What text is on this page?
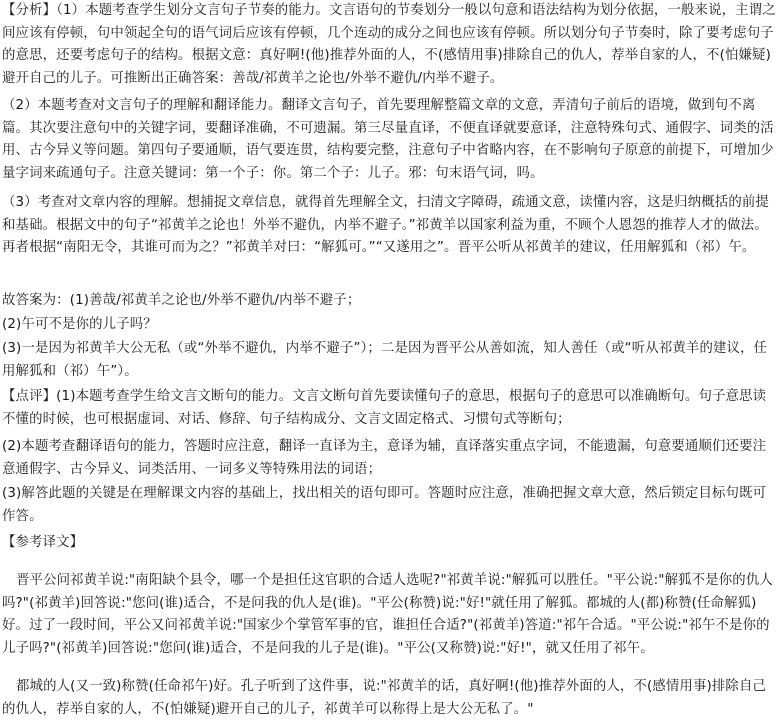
【分析】（1）本题考查学生划分文言句子节奏的能力。文言语句的节奏划分一般以句意和语法结构为划分依据，一般来说，主谓之间应该有停顿，句中领起全句的语气词后应该有停顿，几个连动的成分之间也应该有停顿。所以划分句子节奏时，除了要考虑句子的意思，还要考虑句子的结构。根据文意：真好啊!(他)推荐外面的人，不(感情用事)排除自己的仇人，荐举自家的人，不(怕嫌疑)避开自己的儿子。可推断出正确答案：善哉/祁黄羊之论也/外举不避仇/内举不避子。

（2）本题考查对文言句子的理解和翻译能力。翻译文言句子，首先要理解整篇文章的文意，弄清句子前后的语境，做到句不离篇。其次要注意句中的关键字词，要翻译准确，不可遗漏。第三尽量直译，不便直译就要意译，注意特殊句式、通假字、词类的活用、古今异义等问题。第四句子要通顺，语气要连贯，结构要完整，注意句子中省略内容，在不影响句子原意的前提下，可增加少量字词来疏通句子。注意关键词：第一个子：你。第二个子：儿子。邪：句末语气词，吗。

（3）考查对文章内容的理解。想捕捉文章信息，就得首先理解全文，扫清文字障碍，疏通文意，读懂内容，这是归纳概括的前提和基础。根据文中的句子“祁黄羊之论也！外举不避仇，内举不避子。”祁黄羊以国家利益为重，不顾个人恩怨的推荐人才的做法。再者根据“南阳无令，其谁可而为之？”祁黄羊对曰：“解狐可。”“又遂用之”。晋平公听从祁黄羊的建议，任用解狐和（祁）午。

故答案为：(1)善哉/祁黄羊之论也/外举不避仇/内举不避子；

(2)午可不是你的儿子吗？

(3)一是因为祁黄羊大公无私（或“外举不避仇，内举不避子”）；二是因为晋平公从善如流，知人善任（或“听从祁黄羊的建议，任用解狐和（祁）午”）。

【点评】(1)本题考查学生给文言文断句的能力。文言文断句首先要读懂句子的意思，根据句子的意思可以准确断句。句子意思读不懂的时候，也可根据虚词、对话、修辞、句子结构成分、文言文固定格式、习惯句式等断句；

(2)本题考查翻译语句的能力，答题时应注意，翻译一直译为主，意译为辅，直译落实重点字词，不能遗漏，句意要通顺们还要注意通假字、古今异义、词类活用、一词多义等特殊用法的词语；

(3)解答此题的关键是在理解课文内容的基础上，找出相关的语句即可。答题时应注意，准确把握文章大意，然后锁定目标句既可作答。

【参考译文】

晋平公问祁黄羊说:"南阳缺个县令，哪一个是担任这官职的合适人选呢?"祁黄羊说:"解狐可以胜任。"平公说:"解狐不是你的仇人吗?"(祁黄羊)回答说:"您问(谁)适合，不是问我的仇人是(谁)。"平公(称赞)说:"好!"就任用了解狐。都城的人(都)称赞(任命解狐)好。过了一段时间，平公又问祁黄羊说:"国家少个掌管军事的官，谁担任合适?"(祁黄羊)答道:"祁午合适。"平公说:"祁午不是你的儿子吗?"(祁黄羊)回答说:"您问(谁)适合，不是问我的儿子是(谁)。"平公(又称赞)说:"好!"，就又任用了祁午。

都城的人(又一致)称赞(任命祁午)好。孔子听到了这件事，说:"祁黄羊的话，真好啊!(他)推荐外面的人，不(感情用事)排除自己的仇人，荐举自家的人，不(怕嫌疑)避开自己的儿子，祁黄羊可以称得上是大公无私了。"
